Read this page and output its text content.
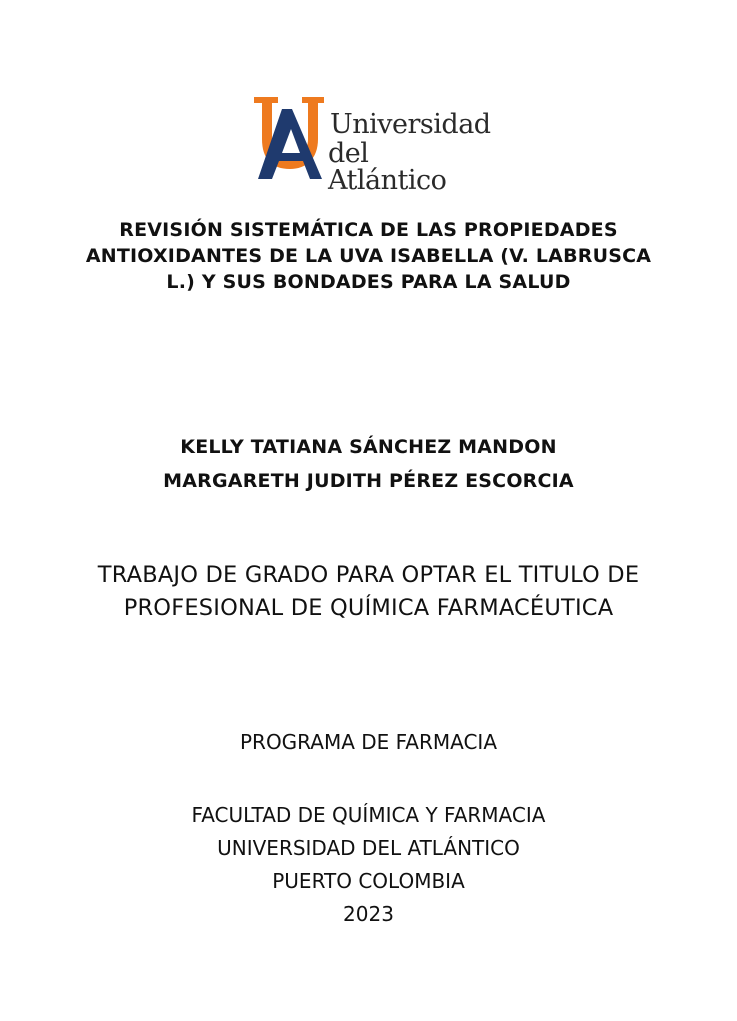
Universidad
del Atlántico
REVISIÓN SISTEMÁTICA DE LAS PROPIEDADES
ANTIOXIDANTES DE LA UVA ISABELLA (V. LABRUSCA
L.) Y SUS BONDADES PARA LA SALUD
KELLY TATIANA SÁNCHEZ MANDON
MARGARETH JUDITH PÉREZ ESCORCIA
TRABAJO DE GRADO PARA OPTAR EL TITULO DE
PROFESIONAL DE QUÍMICA FARMACÉUTICA
PROGRAMA DE FARMACIA
FACULTAD DE QUÍMICA Y FARMACIA
UNIVERSIDAD DEL ATLÁNTICO
PUERTO COLOMBIA
2023
